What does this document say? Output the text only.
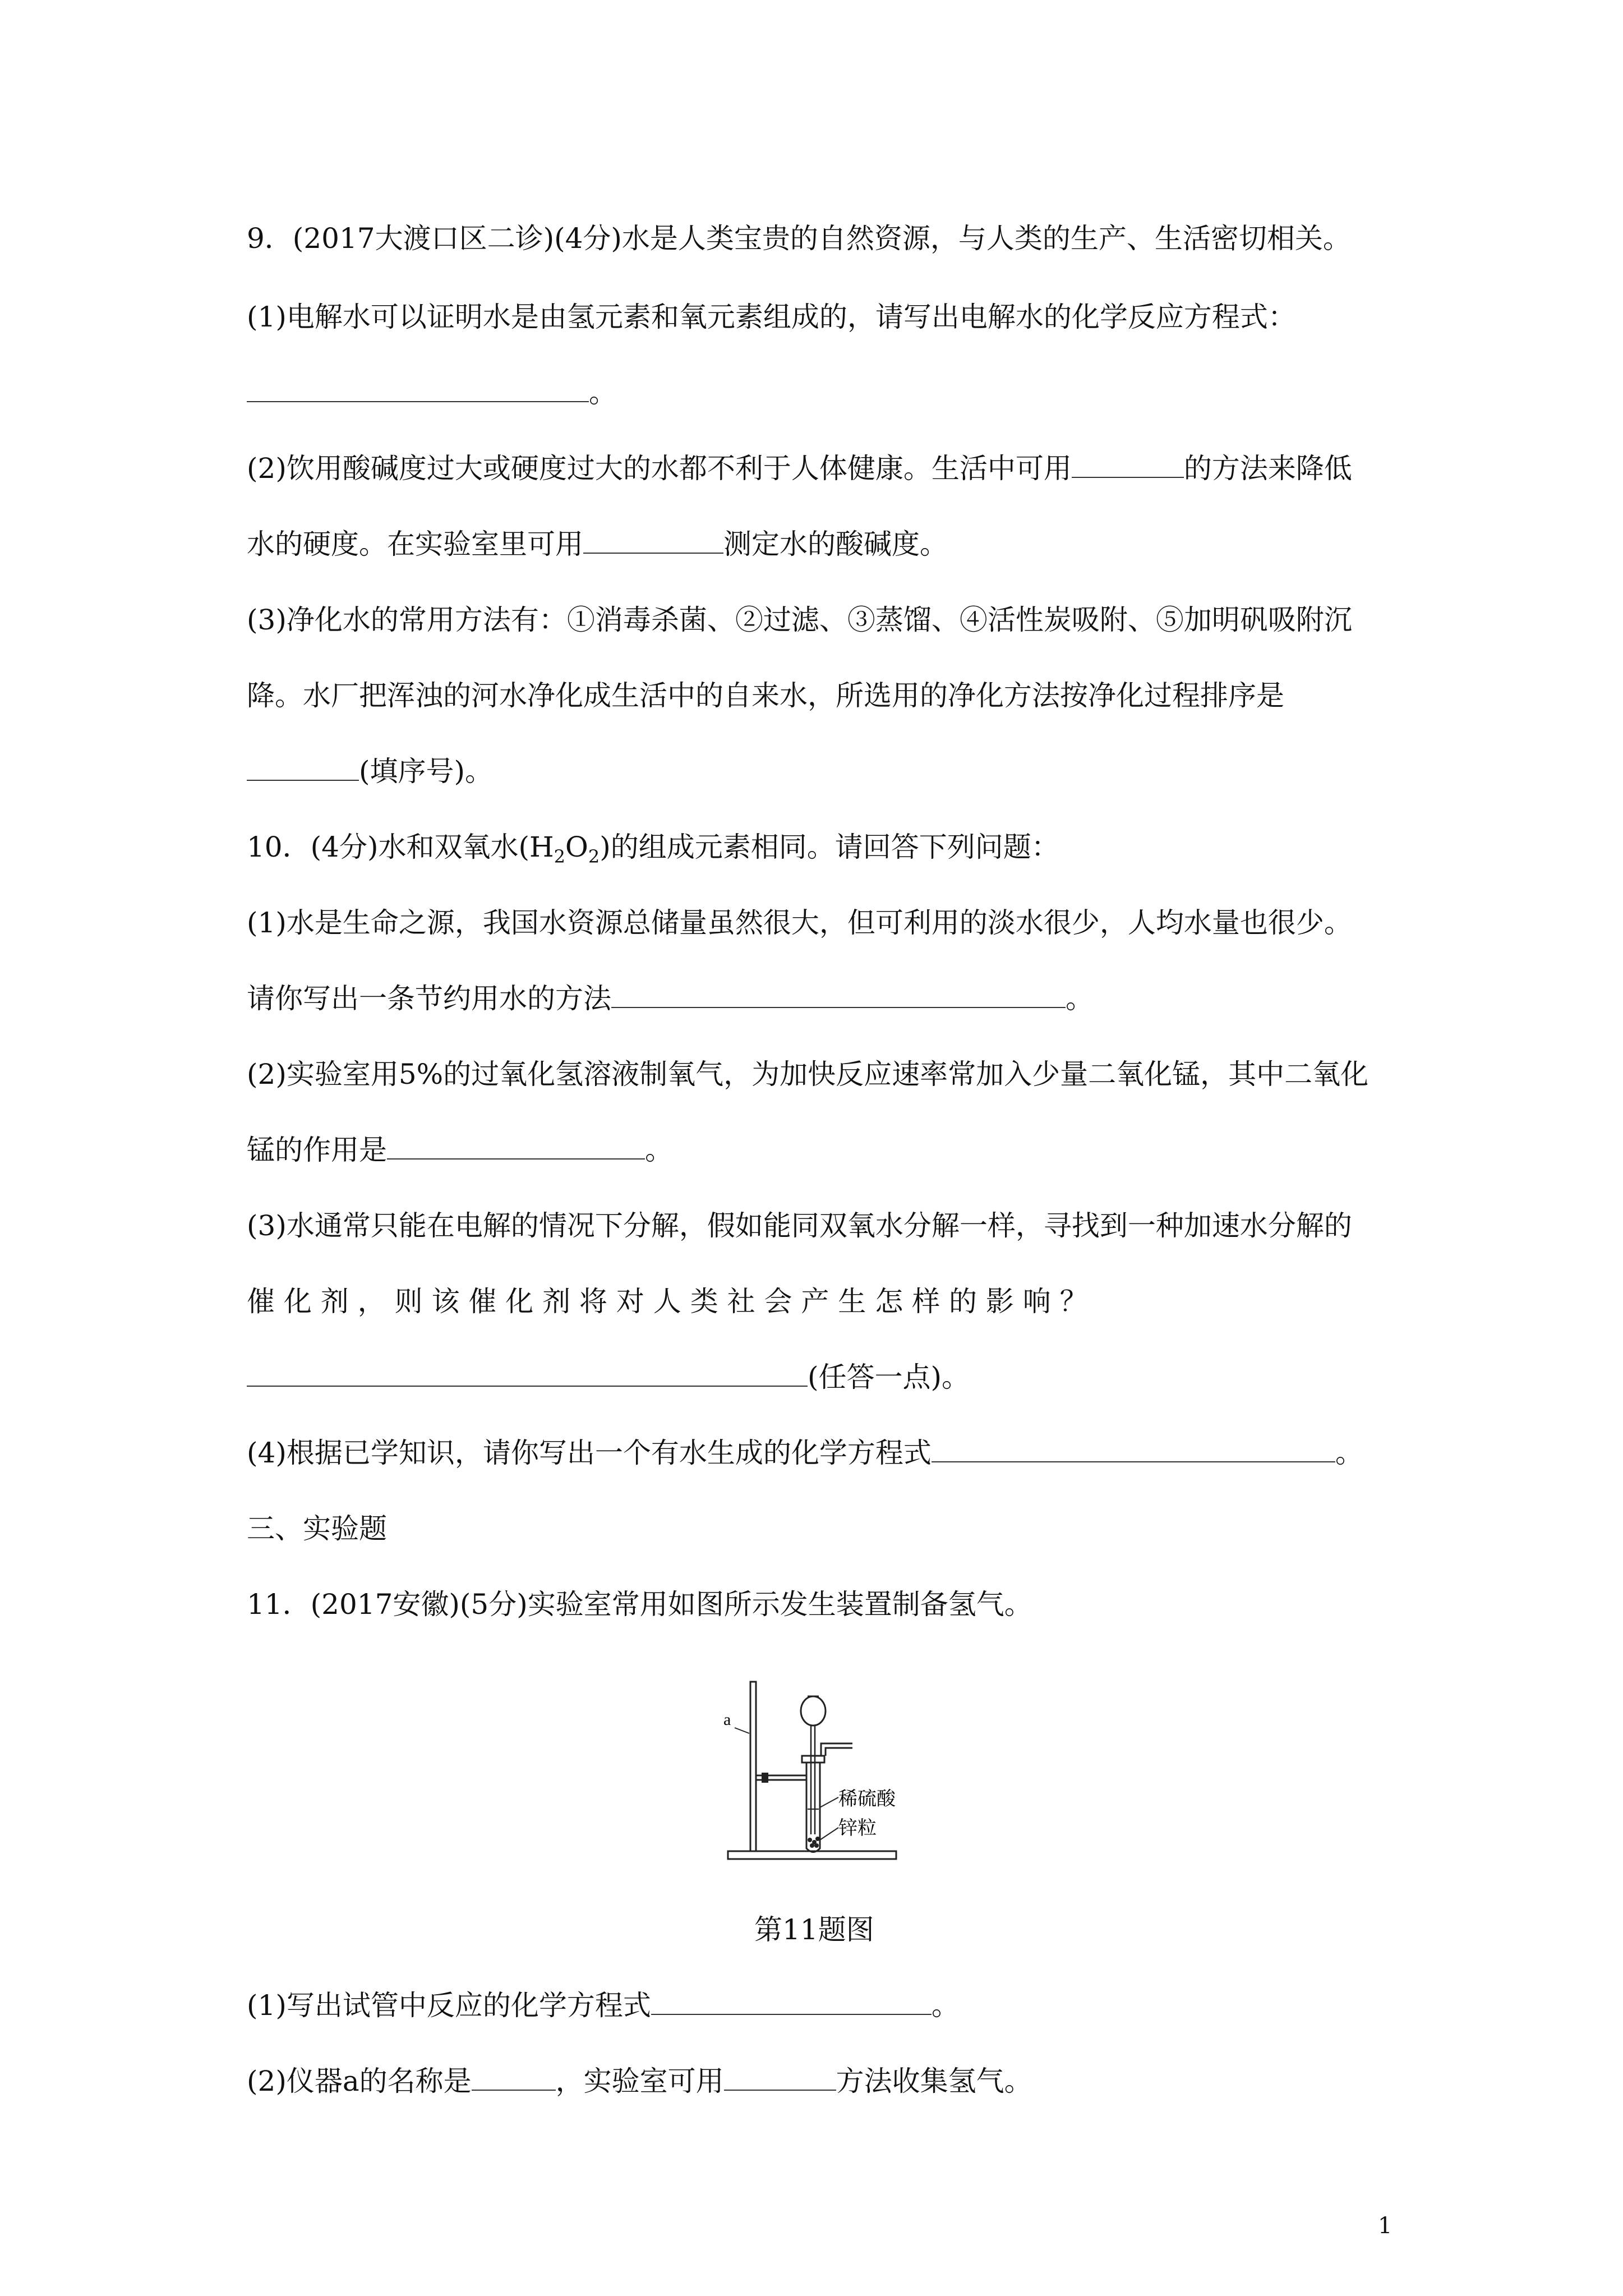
9．(2017大渡口区二诊)(4分)水是人类宝贵的自然资源，与人类的生产、生活密切相关。
(1)电解水可以证明水是由氢元素和氧元素组成的，请写出电解水的化学反应方程式：
。
(2)饮用酸碱度过大或硬度过大的水都不利于人体健康。生活中可用	的方法来降低
水的硬度。在实验室里可用	测定水的酸碱度。
(3)净化水的常用方法有：①消毒杀菌、②过滤、③蒸馏、④活性炭吸附、⑤加明矾吸附沉
降。水厂把浑浊的河水净化成生活中的自来水，所选用的净化方法按净化过程排序是
(填序号)。
10．(4分)水和双氧水$(H_2O_2)$的组成元素相同。请回答下列问题：
(1)水是生命之源，我国水资源总储量虽然很大，但可利用的淡水很少，人均水量也很少。
请你写出一条节约用水的方法	。
(2)实验室用5%的过氧化氢溶液制氧气，为加快反应速率常加入少量二氧化锰，其中二氧化
锰的作用是	。
(3)水通常只能在电解的情况下分解，假如能同双氧水分解一样，寻找到一种加速水分解的
催 化 剂 ， 则 该 催 化 剂 将 对 人 类 社 会 产 生 怎 样 的 影 响 ？
(任答一点)。
(4)根据已学知识，请你写出一个有水生成的化学方程式	。
三、实验题
11．(2017安徽)(5分)实验室常用如图所示发生装置制备氢气。
a
稀硫酸
锌粒
第11题图
(1)写出试管中反应的化学方程式	。
(2)仪器a的名称是	，实验室可用	方法收集氢气。
1
